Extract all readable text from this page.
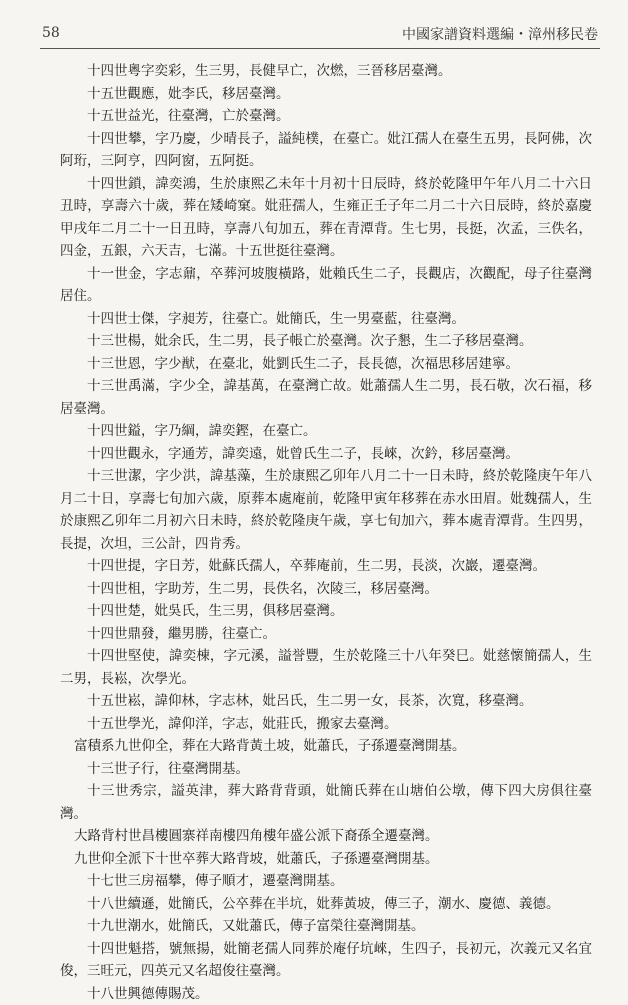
58	中國家譜資料選編・漳州移民卷

十四世粵字奕彩，生三男，長健早亡，次燃，三晉移居臺灣。

十五世觀應，妣李氏，移居臺灣。

十五世益光，往臺灣，亡於臺灣。

十四世攀，字乃慶，少晴長子，謚純樸，在臺亡。妣江孺人在臺生五男，長阿佛，次阿珩，三阿亨，四阿窗，五阿挺。

十四世鎖，諱奕鴻，生於康熙乙未年十月初十日辰時，終於乾隆甲午年八月二十六日丑時，享壽六十歲，葬在矮崎窠。妣莊孺人，生雍正壬子年二月二十六日辰時，終於嘉慶甲戌年二月二十一日丑時，享壽八旬加五，葬在青潭背。生七男，長挺，次孟，三佚名，四金，五銀，六天吉，七滿。十五世挺往臺灣。

十一世金，字志鼐，卒葬河坡腹橫路，妣賴氏生二子，長觀店，次觀配，母子往臺灣居住。

十四世士傑，字昶芳，往臺亡。妣簡氏，生一男臺藍，往臺灣。

十三世楊，妣余氏，生二男，長子帳亡於臺灣。次子懇，生二子移居臺灣。

十三世恩，字少猷，在臺北，妣劉氏生二子，長長德，次福思移居建寧。

十三世禹滿，字少全，諱基萬，在臺灣亡故。妣蕭孺人生二男，長石敬，次石福，移居臺灣。

十四世鎰，字乃綱，諱奕鏗，在臺亡。

十四世觀永，字通芳，諱奕遠，妣曾氏生二子，長崍，次鈐，移居臺灣。

十三世潔，字少洪，諱基藻，生於康熙乙卯年八月二十一日未時，終於乾隆庚午年八月二十日，享壽七旬加六歲，原葬本處庵前，乾隆甲寅年移葬在赤水田眉。妣魏孺人，生於康熙乙卯年二月初六日未時，終於乾隆庚午歲，享七旬加六，葬本處青潭背。生四男，長提，次坦，三公計，四肯秀。

十四世提，字日芳，妣蘇氏孺人，卒葬庵前，生二男，長淡，次巖，遷臺灣。

十四世柤，字助芳，生二男，長佚名，次陵三，移居臺灣。

十四世楚，妣吳氏，生三男，俱移居臺灣。

十四世鼎發，繼男勝，往臺亡。

十四世堅使，諱奕棟，字元溪，謚誉豐，生於乾隆三十八年癸巳。妣慈懷簡孺人，生二男，長崧，次學光。

十五世崧，諱仰林，字志林，妣呂氏，生二男一女，長茶，次寬，移臺灣。

十五世學光，諱仰洋，字志，妣莊氏，搬家去臺灣。

富積系九世仰全，葬在大路背黃土坡，妣蕭氏，子孫遷臺灣開基。

十三世子行，往臺灣開基。

十三世秀宗，謚英津，葬大路背背頭，妣簡氏葬在山塘伯公墩，傳下四大房俱往臺灣。

大路背村世昌樓圓寨祥南樓四角樓年盛公派下裔孫全遷臺灣。

九世仰全派下十世卒葬大路背坡，妣蕭氏，子孫遷臺灣開基。

十七世三房福攀，傳子順才，遷臺灣開基。

十八世續遜，妣簡氏，公卒葬在半坑，妣葬黃坡，傳三子，潮水、慶德、義德。

十九世潮水，妣簡氏，又妣蕭氏，傳子富榮往臺灣開基。

十四世魁搭，號無揚，妣簡老孺人同葬於庵仔坑崍，生四子，長初元，次義元又名宜俊，三旺元，四英元又名超俊往臺灣。

十八世興德傳賜茂。
